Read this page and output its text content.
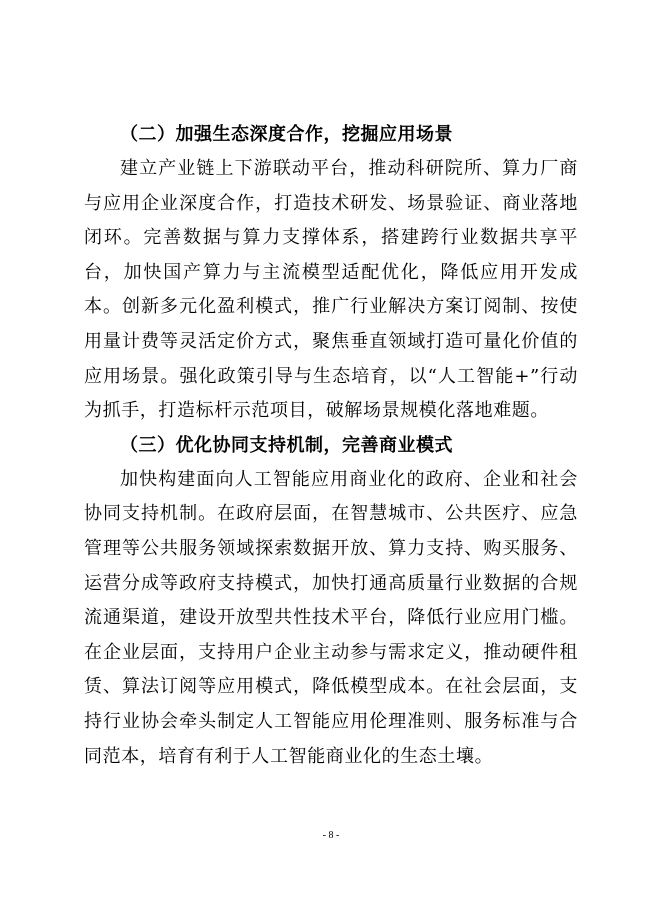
（二）加强生态深度合作，挖掘应用场景

建立产业链上下游联动平台，推动科研院所、算力厂商与应用企业深度合作，打造技术研发、场景验证、商业落地闭环。完善数据与算力支撑体系，搭建跨行业数据共享平台，加快国产算力与主流模型适配优化，降低应用开发成本。创新多元化盈利模式，推广行业解决方案订阅制、按使用量计费等灵活定价方式，聚焦垂直领域打造可量化价值的应用场景。强化政策引导与生态培育，以“人工智能+”行动为抓手，打造标杆示范项目，破解场景规模化落地难题。

（三）优化协同支持机制，完善商业模式

加快构建面向人工智能应用商业化的政府、企业和社会协同支持机制。在政府层面，在智慧城市、公共医疗、应急管理等公共服务领域探索数据开放、算力支持、购买服务、运营分成等政府支持模式，加快打通高质量行业数据的合规流通渠道，建设开放型共性技术平台，降低行业应用门槛。在企业层面，支持用户企业主动参与需求定义，推动硬件租赁、算法订阅等应用模式，降低模型成本。在社会层面，支持行业协会牵头制定人工智能应用伦理准则、服务标准与合同范本，培育有利于人工智能商业化的生态土壤。

- 8 -
